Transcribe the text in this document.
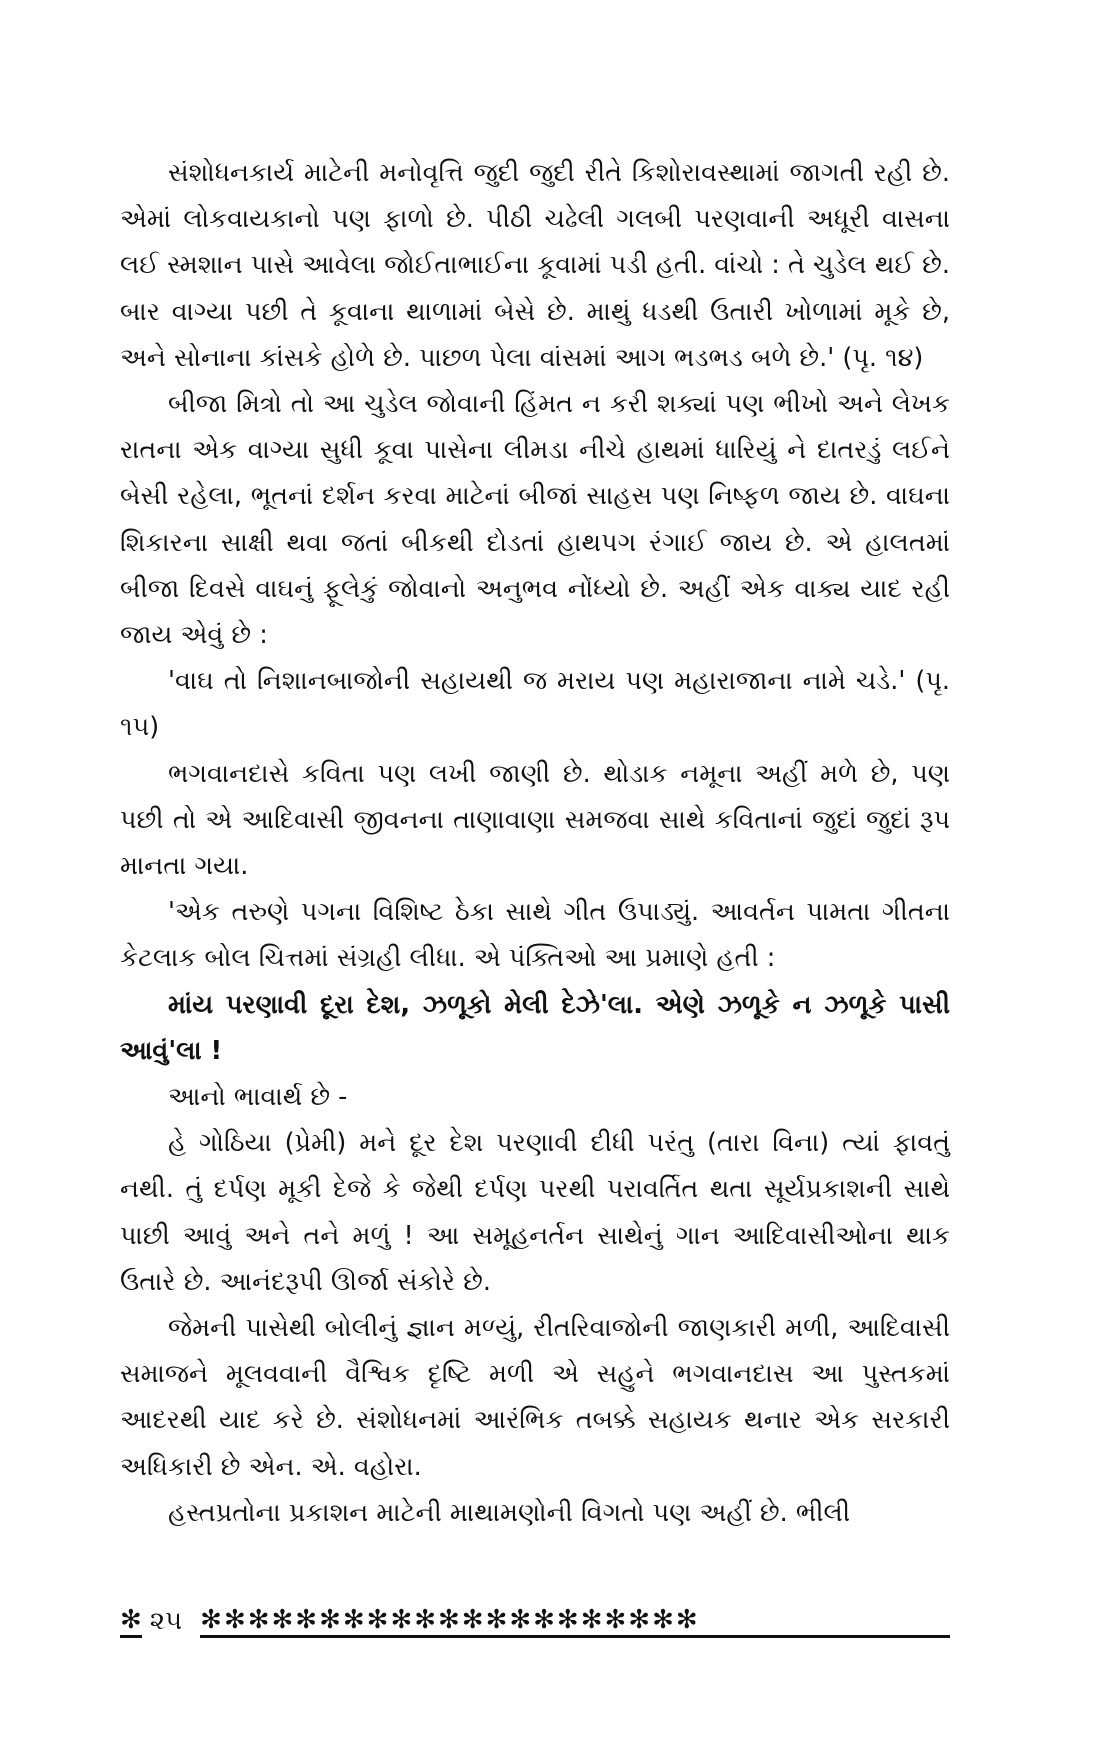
સંશોધનકાર્ય માટેની મનોવૃત્તિ જુદી જુદી રીતે કિશોરાવસ્થામાં જાગતી રહી છે. એમાં લોકવાયકાનો પણ ફાળો છે. પીઠી ચઢેલી ગલબી પરણવાની અધૂરી વાસના લઈ સ્મશાન પાસે આવેલા જોઈતાભાઈના કૂવામાં પડી હતી. વાંચો : તે ચુડેલ થઈ છે. બાર વાગ્યા પછી તે કૂવાના થાળામાં બેસે છે. માથું ધડથી ઉતારી ખોળામાં મૂકે છે, અને સોનાના કાંસકે હોળે છે. પાછળ પેલા વાંસમાં આગ ભડભડ બળે છે.' (પૃ. ૧૪)

બીજા મિત્રો તો આ ચુડેલ જોવાની હિંમત ન કરી શક્યાં પણ ભીખો અને લેખક રાતના એક વાગ્યા સુધી કૂવા પાસેના લીમડા નીચે હાથમાં ધારિયું ને દાતરડું લઈને બેસી રહેલા, ભૂતનાં દર્શન કરવા માટેનાં બીજાં સાહસ પણ નિષ્ફળ જાય છે. વાઘના શિકારના સાક્ષી થવા જતાં બીકથી દોડતાં હાથપગ રંગાઈ જાય છે. એ હાલતમાં બીજા દિવસે વાઘનું ફૂલેકું જોવાનો અનુભવ નોંધ્યો છે. અહીં એક વાક્ય યાદ રહી જાય એવું છે :

'વાઘ તો નિશાનબાજોની સહાયથી જ મરાય પણ મહારાજાના નામે ચડે.' (પૃ. ૧૫)

ભગવાનદાસે કવિતા પણ લખી જાણી છે. થોડાક નમૂના અહીં મળે છે, પણ પછી તો એ આદિવાસી જીવનના તાણાવાણા સમજવા સાથે કવિતાનાં જુદાં જુદાં રૂપ માનતા ગયા.

'એક તરુણે પગના વિશિષ્ટ ઠેકા સાથે ગીત ઉપાડ્યું. આવર્તન પામતા ગીતના કેટલાક બોલ ચિત્તમાં સંગ્રહી લીધા. એ પંક્તિઓ આ પ્રમાણે હતી :

માંય પરણાવી દૂરા દેશ, ઝળૂકો મેલી દેઝે'લા. એણે ઝળૂકે ન ઝળૂકે પાસી આવું'લા !

આનો ભાવાર્થ છે -

હે ગોઠિયા (પ્રેમી) મને દૂર દેશ પરણાવી દીધી પરંતુ (તારા વિના) ત્યાં ફાવતું નથી. તું દર્પણ મૂકી દેજે કે જેથી દર્પણ પરથી પરાવર્તિત થતા સૂર્યપ્રકાશની સાથે પાછી આવું અને તને મળું ! આ સમૂહનર્તન સાથેનું ગાન આદિવાસીઓના થાક ઉતારે છે. આનંદરૂપી ઊર્જા સંકોરે છે.

જેમની પાસેથી બોલીનું જ્ઞાન મળ્યું, રીતરિવાજોની જાણકારી મળી, આદિવાસી સમાજને મૂલવવાની વૈશ્વિક દૃષ્ટિ મળી એ સહુને ભગવાનદાસ આ પુસ્તકમાં આદરથી યાદ કરે છે. સંશોધનમાં આરંભિક તબક્કે સહાયક થનાર એક સરકારી અધિકારી છે એન. એ. વહોરા.

હસ્તપ્રતોના પ્રકાશન માટેની માથામણોની વિગતો પણ અહીં છે. ભીલી

✻ ૨૫ ✻✻✻✻✻✻✻✻✻✻✻✻✻✻✻✻✻✻✻✻✻
